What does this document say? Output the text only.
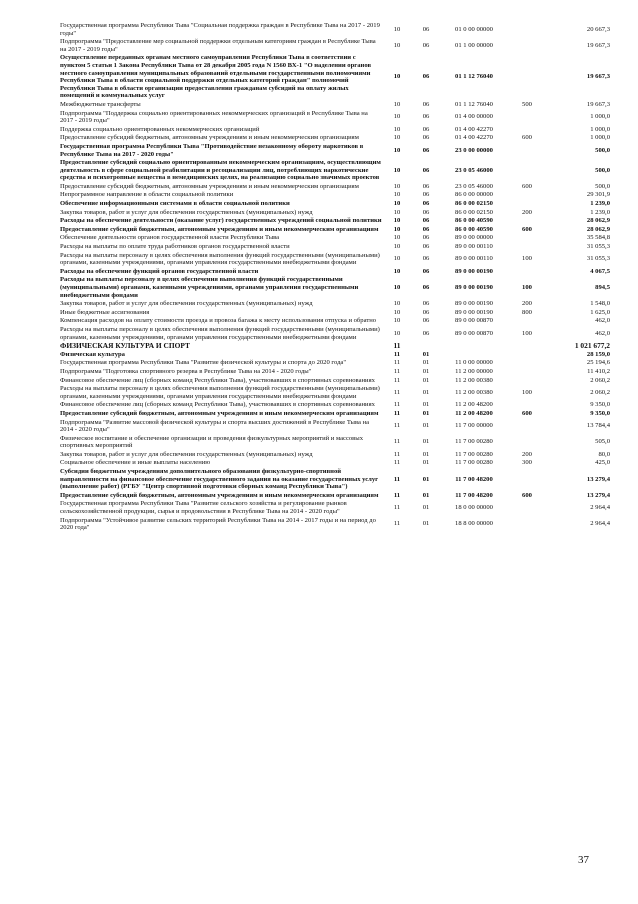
Государственная программа Республики Тыва "Социальная поддержка граждан в Республике Тыва на 2017 - 2019 годы"	10	06	01 0 00 00000		20 667,3
Подпрограмма "Предоставление мер социальной поддержки отдельным категориям граждан в Республике Тыва на 2017 - 2019 годы"	10	06	01 1 00 00000		19 667,3
Осуществление переданных органам местного самоуправления Республики Тыва в соответствии с пунктом 5 статьи 1 Закона Республики Тыва от 28 декабря 2005 года N 1560 ВХ-1 "О наделении органов местного самоуправления муниципальных образований отдельными государственными полномочиями Республики Тыва в области социальной поддержки отдельных категорий граждан" полномочий Республики Тыва в области организации предоставления гражданам субсидий на оплату жилых помещений и коммунальных услуг	10	06	01 1 12 76040		19 667,3
Межбюджетные трансферты	10	06	01 1 12 76040	500	19 667,3
Подпрограмма "Поддержка социально ориентированных некоммерческих организаций в Республике Тыва на 2017 - 2019 годы"	10	06	01 4 00 00000		1 000,0
Поддержка социально ориентированных некоммерческих организаций	10	06	01 4 00 42270		1 000,0
Предоставление субсидий бюджетным, автономным учреждениям и иным некоммерческим организациям	10	06	01 4 00 42270	600	1 000,0
Государственная программа Республики Тыва "Противодействие незаконному обороту наркотиков в Республике Тыва на 2017 - 2020 годы"	10	06	23 0 00 00000		500,0
Предоставление субсидий социально ориентированным некоммерческим организациям, осуществляющим деятельность в сфере социальной реабилитации и ресоциализации лиц, потребляющих наркотические средства и психотропные вещества в немедицинских целях, на реализацию социально значимых проектов	10	06	23 0 05 46000		500,0
Предоставление субсидий бюджетным, автономным учреждениям и иным некоммерческим организациям	10	06	23 0 05 46000	600	500,0
Непрограммное направление в области социальной политики	10	06	86 0 00 00000		29 301,9
Обеспечение информационными системами в области социальной политики	10	06	86 0 00 02150		1 239,0
Закупка товаров, работ и услуг для обеспечения государственных (муниципальных) нужд	10	06	86 0 00 02150	200	1 239,0
Расходы на обеспечение деятельности (оказание услуг) государственных учреждений социальной политики	10	06	86 0 00 40590		28 062,9
Предоставление субсидий бюджетным, автономным учреждениям и иным некоммерческим организациям	10	06	86 0 00 40590	600	28 062,9
Обеспечение деятельности органов государственной власти Республики Тыва	10	06	89 0 00 00000		35 584,8
Расходы на выплаты по оплате труда работников органов государственной власти	10	06	89 0 00 00110		31 055,3
Расходы на выплаты персоналу в целях обеспечения выполнения функций государственными (муниципальными) органами, казенными учреждениями, органами управления государственными внебюджетными фондами	10	06	89 0 00 00110	100	31 055,3
Расходы на обеспечение функций органов государственной власти	10	06	89 0 00 00190		4 067,5
Расходы на выплаты персоналу в целях обеспечения выполнения функций государственными (муниципальными) органами, казенными учреждениями, органами управления государственными внебюджетными фондами	10	06	89 0 00 00190	100	894,5
Закупка товаров, работ и услуг для обеспечения государственных (муниципальных) нужд	10	06	89 0 00 00190	200	1 548,0
Иные бюджетные ассигнования	10	06	89 0 00 00190	800	1 625,0
Компенсация расходов на оплату стоимости проезда и провоза багажа к месту использования отпуска и обратно	10	06	89 0 00 00870		462,0
Расходы на выплаты персоналу в целях обеспечения выполнения функций государственными (муниципальными) органами, казенными учреждениями, органами управления государственными внебюджетными фондами	10	06	89 0 00 00870	100	462,0
ФИЗИЧЕСКАЯ КУЛЬТУРА И СПОРТ	11				1 021 677,2
Физическая культура	11	01			28 159,0
Государственная программа Республики Тыва "Развитие физической культуры и спорта до 2020 года"	11	01	11 0 00 00000		25 194,6
Подпрограмма "Подготовка спортивного резерва в Республике Тыва на 2014 - 2020 годы"	11	01	11 2 00 00000		11 410,2
Финансовое обеспечение лиц (сборных команд Республики Тыва), участвовавших в спортивных соревнованиях	11	01	11 2 00 00380		2 060,2
Расходы на выплаты персоналу в целях обеспечения выполнения функций государственными (муниципальными) органами, казенными учреждениями, органами управления государственными внебюджетными фондами	11	01	11 2 00 00380	100	2 060,2
Финансовое обеспечение лиц (сборных команд Республики Тыва), участвовавших в спортивных соревнованиях	11	01	11 2 00 48200		9 350,0
Предоставление субсидий бюджетным, автономным учреждениям и иным некоммерческим организациям	11	01	11 2 00 48200	600	9 350,0
Подпрограмма "Развитие массовой физической культуры и спорта высших достижений в Республике Тыва на 2014 - 2020 годы"	11	01	11 7 00 00000		13 784,4
Физическое воспитание и обеспечение организации и проведения физкультурных мероприятий и массовых спортивных мероприятий	11	01	11 7 00 00280		505,0
Закупка товаров, работ и услуг для обеспечения государственных (муниципальных) нужд	11	01	11 7 00 00280	200	80,0
Социальное обеспечение и иные выплаты населению	11	01	11 7 00 00280	300	425,0
Субсидии бюджетным учреждениям дополнительного образования физкультурно-спортивной направленности на финансовое обеспечение государственного задания на оказание государственных услуг (выполнение работ) (РГБУ "Центр спортивной подготовки сборных команд Республики Тыва")	11	01	11 7 00 48200		13 279,4
Предоставление субсидий бюджетным, автономным учреждениям и иным некоммерческим организациям	11	01	11 7 00 48200	600	13 279,4
Государственная программа Республики Тыва "Развитие сельского хозяйства и регулирование рынков сельскохозяйственной продукции, сырья и продовольствия в Республике Тыва на 2014 - 2020 годы"	11	01	18 0 00 00000		2 964,4
Подпрограмма "Устойчивое развитие сельских территорий Республики Тыва на 2014 - 2017 годы и на период до 2020 года"	11	01	18 8 00 00000		2 964,4
37
